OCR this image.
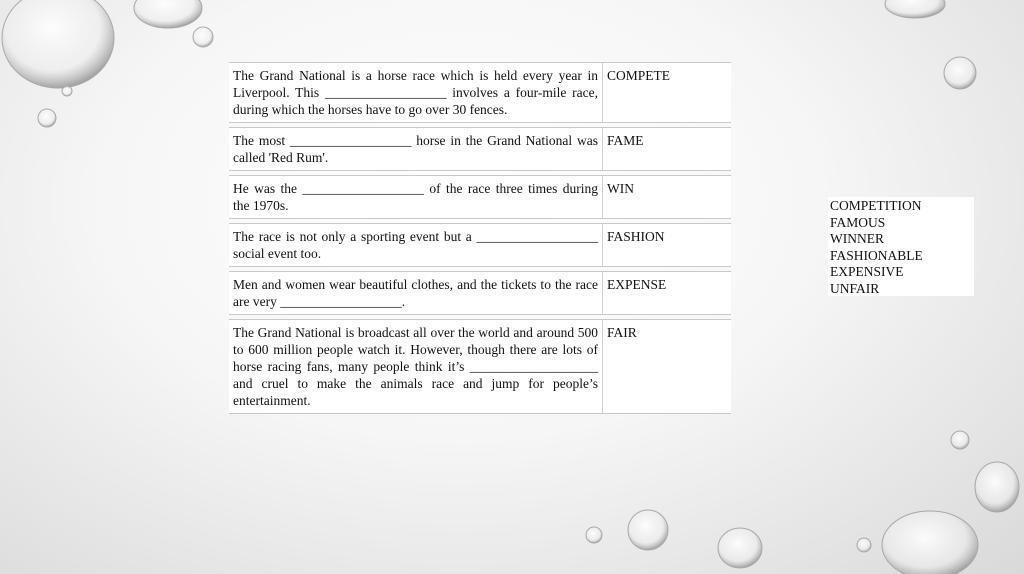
The Grand National is a horse race which is held every year in Liverpool. This __________________ involves a four-mile race, during which the horses have to go over 30 fences.
COMPETE
The most __________________ horse in the Grand National was called 'Red Rum'.
FAME
He was the __________________ of the race three times during the 1970s.
WIN
The race is not only a sporting event but a __________________ social event too.
FASHION
Men and women wear beautiful clothes, and the tickets to the race are very __________________.
EXPENSE
The Grand National is broadcast all over the world and around 500 to 600 million people watch it. However, though there are lots of horse racing fans, many people think it’s ___________________ and cruel to make the animals race and jump for people’s entertainment.
FAIR
COMPETITION
FAMOUS
WINNER
FASHIONABLE
EXPENSIVE
UNFAIR
